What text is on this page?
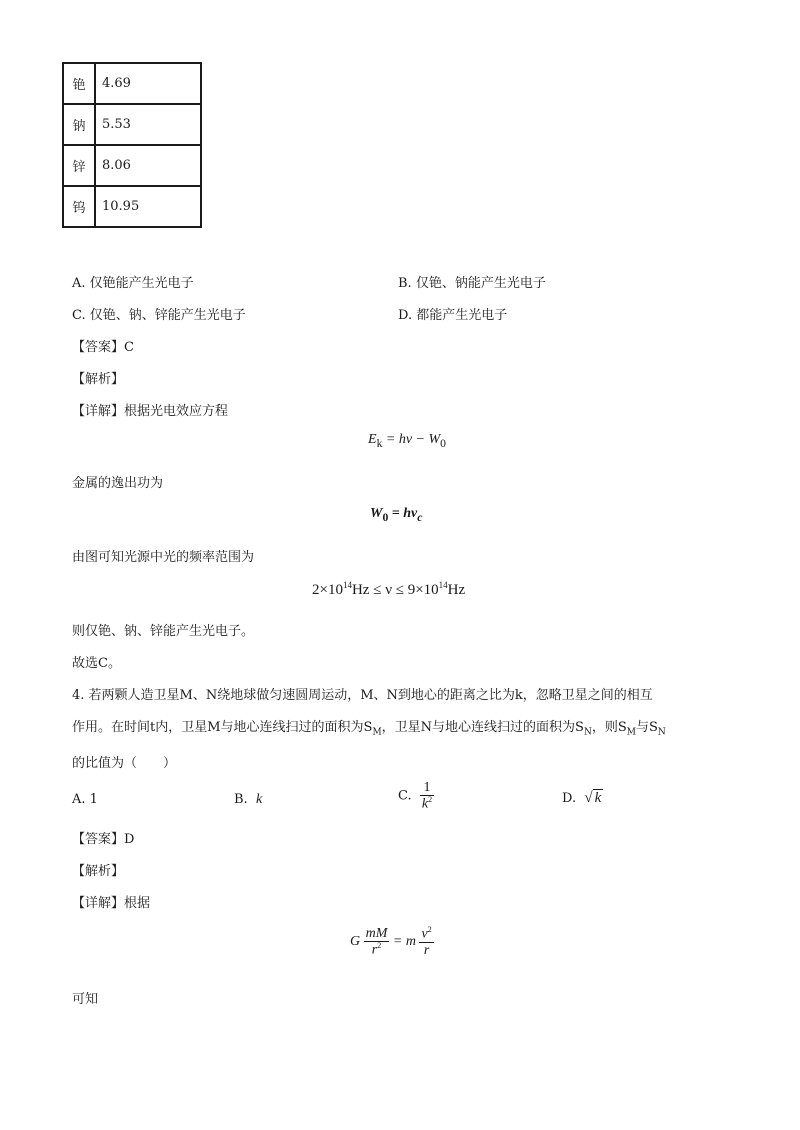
铯	4.69
钠	5.53
锌	8.06
钨	10.95
A. 仅铯能产生光电子	B. 仅铯、钠能产生光电子
C. 仅铯、钠、锌能产生光电子	D. 都能产生光电子
【答案】C
【解析】
【详解】根据光电效应方程
$E_k = h\nu - W_0$
金属的逸出功为
$W_0 = h\nu_c$
由图可知光源中光的频率范围为
$2\times 10^{14}Hz \le \nu \le 9\times 10^{14}Hz$
则仅铯、钠、锌能产生光电子。
故选C。
4. 若两颗人造卫星M、N绕地球做匀速圆周运动，M、N到地心的距离之比为k，忽略卫星之间的相互
作用。在时间t内，卫星M与地心连线扫过的面积为$S_M$，卫星N与地心连线扫过的面积为$S_N$，则$S_M$与$S_N$
的比值为（　　）
A. 1	B. k	C. $\frac{1}{k^2}$	D. √ k
【答案】D
【解析】
【详解】根据
G $\frac{mM}{r^2} = m \frac{v^2}{r}$
可知
